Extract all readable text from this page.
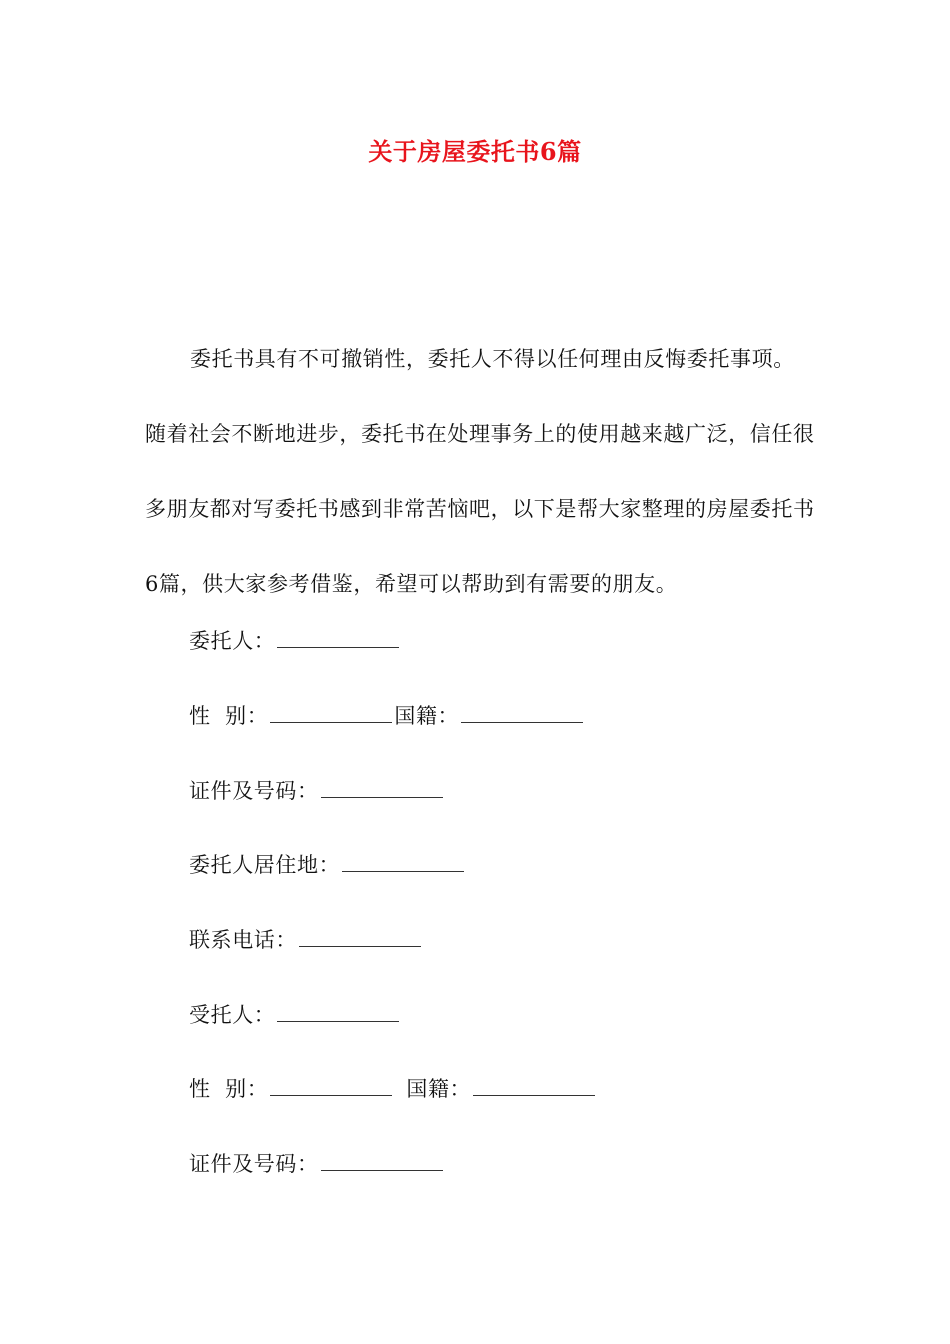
关于房屋委托书6篇

委托书具有不可撤销性，委托人不得以任何理由反悔委托事项。随着社会不断地进步，委托书在处理事务上的使用越来越广泛，信任很多朋友都对写委托书感到非常苦恼吧，以下是帮大家整理的房屋委托书6篇，供大家参考借鉴，希望可以帮助到有需要的朋友。

委托人：
性  别：	国籍：
证件及号码：
委托人居住地：
联系电话：
受托人：
性  别：	国籍：
证件及号码：
